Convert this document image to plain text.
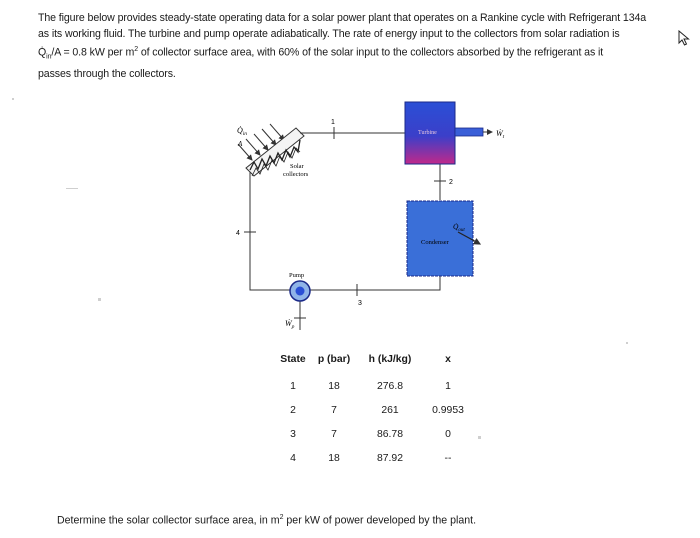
The figure below provides steady-state operating data for a solar power plant that operates on a Rankine cycle with Refrigerant 134a
as its working fluid. The turbine and pump operate adiabatically. The rate of energy input to the collectors from solar radiation is
$Q̇_{in}/A = 0.8$ kW per $m^2$ of collector surface area, with 60% of the solar input to the collectors absorbed by the refrigerant as it
passes through the collectors.
$Q̇_{in}$
A
Solar
collectors
1
2
3
4
Turbine	Ẇ$_t$
$Q̇_{out}$
Condenser
Pump
Ẇ$_p$
State	p (bar)	h (kJ/kg)	x
1	18	276.8	1
2	7	261	0.9953
3	7	86.78	0
4	18	87.92	--
Determine the solar collector surface area, in $m^2$ per kW of power developed by the plant.
